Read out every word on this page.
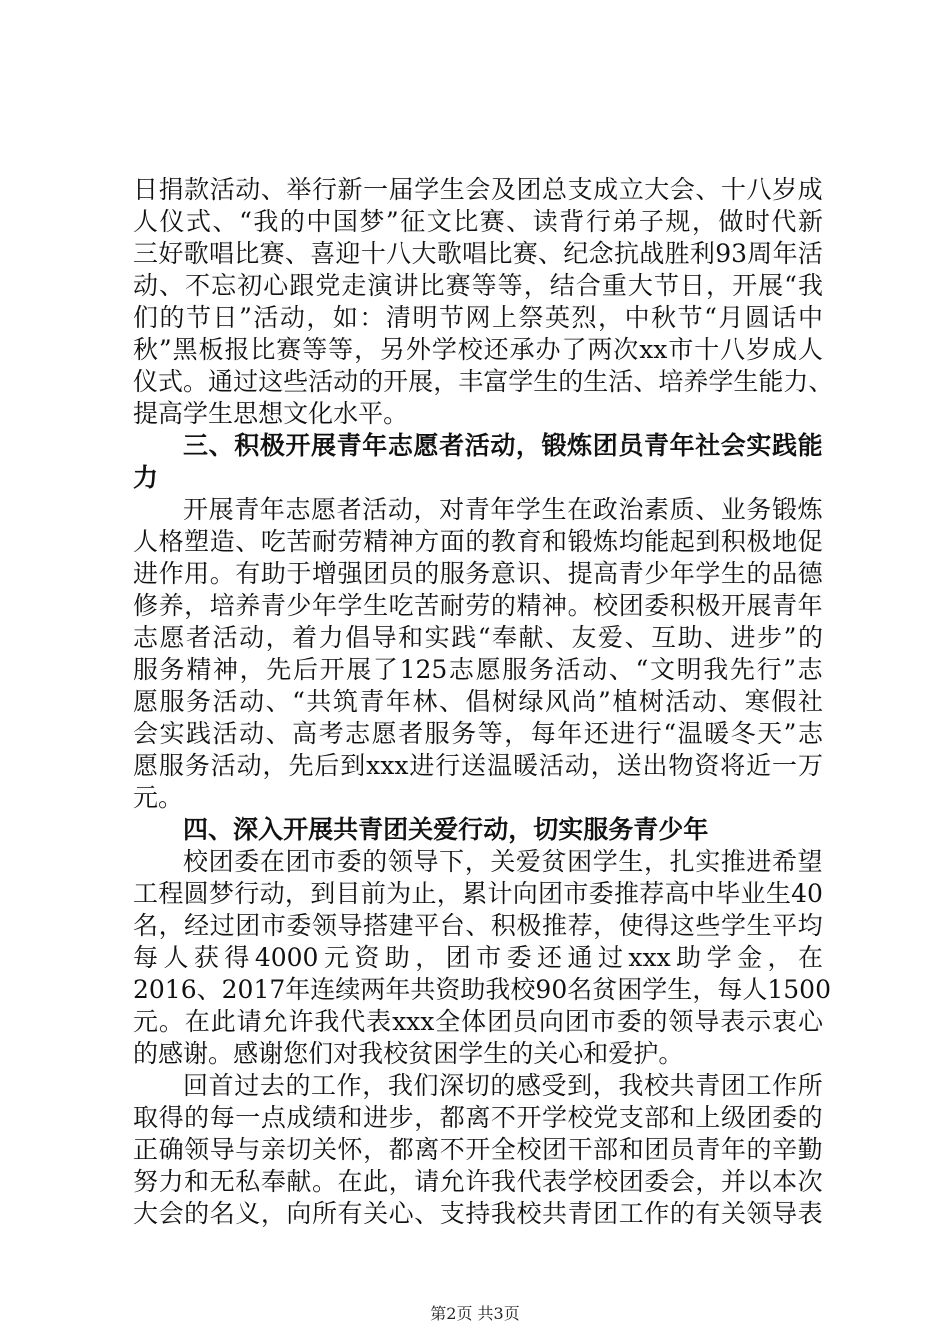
日 捐 款 活 动 、 举 行 新 一 届 学 生 会 及 团 总 支 成 立 大 会 、 十 八 岁 成
人 仪 式 、 “ 我 的 中 国 梦 ” 征 文 比 赛 、 读 背 行 弟 子 规 ， 做 时 代 新
三 好 歌 唱 比 赛 、 喜 迎 十 八 大 歌 唱 比 赛 、 纪 念 抗 战 胜 利 93 周 年 活
动 、 不 忘 初 心 跟 党 走 演 讲 比 赛 等 等 ， 结 合 重 大 节 日 ， 开 展 “ 我
们 的 节 日 ” 活 动 ， 如 ： 清 明 节 网 上 祭 英 烈 ， 中 秋 节 “ 月 圆 话 中
秋 ” 黑 板 报 比 赛 等 等 ， 另 外 学 校 还 承 办 了 两 次 xx 市 十 八 岁 成 人
仪 式 。 通 过 这 些 活 动 的 开 展 ， 丰 富 学 生 的 生 活 、 培 养 学 生 能 力 、
提 高 学 生 思 想 文 化 水 平 。
三 、 积 极 开 展 青 年 志 愿 者 活 动 ， 锻 炼 团 员 青 年 社 会 实 践 能
力
开 展 青 年 志 愿 者 活 动 ， 对 青 年 学 生 在 政 治 素 质 、 业 务 锻 炼
人 格 塑 造 、 吃 苦 耐 劳 精 神 方 面 的 教 育 和 锻 炼 均 能 起 到 积 极 地 促
进 作 用 。 有 助 于 增 强 团 员 的 服 务 意 识 、 提 高 青 少 年 学 生 的 品 德
修 养 ， 培 养 青 少 年 学 生 吃 苦 耐 劳 的 精 神 。 校 团 委 积 极 开 展 青 年
志 愿 者 活 动 ， 着 力 倡 导 和 实 践 “ 奉 献 、 友 爱 、 互 助 、 进 步 ” 的
服 务 精 神 ， 先 后 开 展 了 125 志 愿 服 务 活 动 、 “ 文 明 我 先 行 ” 志
愿 服 务 活 动 、 “ 共 筑 青 年 林 、 倡 树 绿 风 尚 ” 植 树 活 动 、 寒 假 社
会 实 践 活 动 、 高 考 志 愿 者 服 务 等 ， 每 年 还 进 行 “ 温 暖 冬 天 ” 志
愿 服 务 活 动 ， 先 后 到 xxx 进 行 送 温 暖 活 动 ， 送 出 物 资 将 近 一 万
元 。
四 、 深 入 开 展 共 青 团 关 爱 行 动 ， 切 实 服 务 青 少 年
校 团 委 在 团 市 委 的 领 导 下 ， 关 爱 贫 困 学 生 ， 扎 实 推 进 希 望
工 程 圆 梦 行 动 ， 到 目 前 为 止 ， 累 计 向 团 市 委 推 荐 高 中 毕 业 生 40
名 ， 经 过 团 市 委 领 导 搭 建 平 台 、 积 极 推 荐 ， 使 得 这 些 学 生 平 均
每 人 获 得 4000 元 资 助 ， 团 市 委 还 通 过 xxx 助 学 金 ， 在
2016 、 2017 年 连 续 两 年 共 资 助 我 校 90 名 贫 困 学 生 ， 每 人 1500
元 。 在 此 请 允 许 我 代 表 xxx 全 体 团 员 向 团 市 委 的 领 导 表 示 衷 心
的 感 谢 。 感 谢 您 们 对 我 校 贫 困 学 生 的 关 心 和 爱 护 。
回 首 过 去 的 工 作 ， 我 们 深 切 的 感 受 到 ， 我 校 共 青 团 工 作 所
取 得 的 每 一 点 成 绩 和 进 步 ， 都 离 不 开 学 校 党 支 部 和 上 级 团 委 的
正 确 领 导 与 亲 切 关 怀 ， 都 离 不 开 全 校 团 干 部 和 团 员 青 年 的 辛 勤
努 力 和 无 私 奉 献 。 在 此 ， 请 允 许 我 代 表 学 校 团 委 会 ， 并 以 本 次
大 会 的 名 义 ， 向 所 有 关 心 、 支 持 我 校 共 青 团 工 作 的 有 关 领 导 表
第2页 共3页
